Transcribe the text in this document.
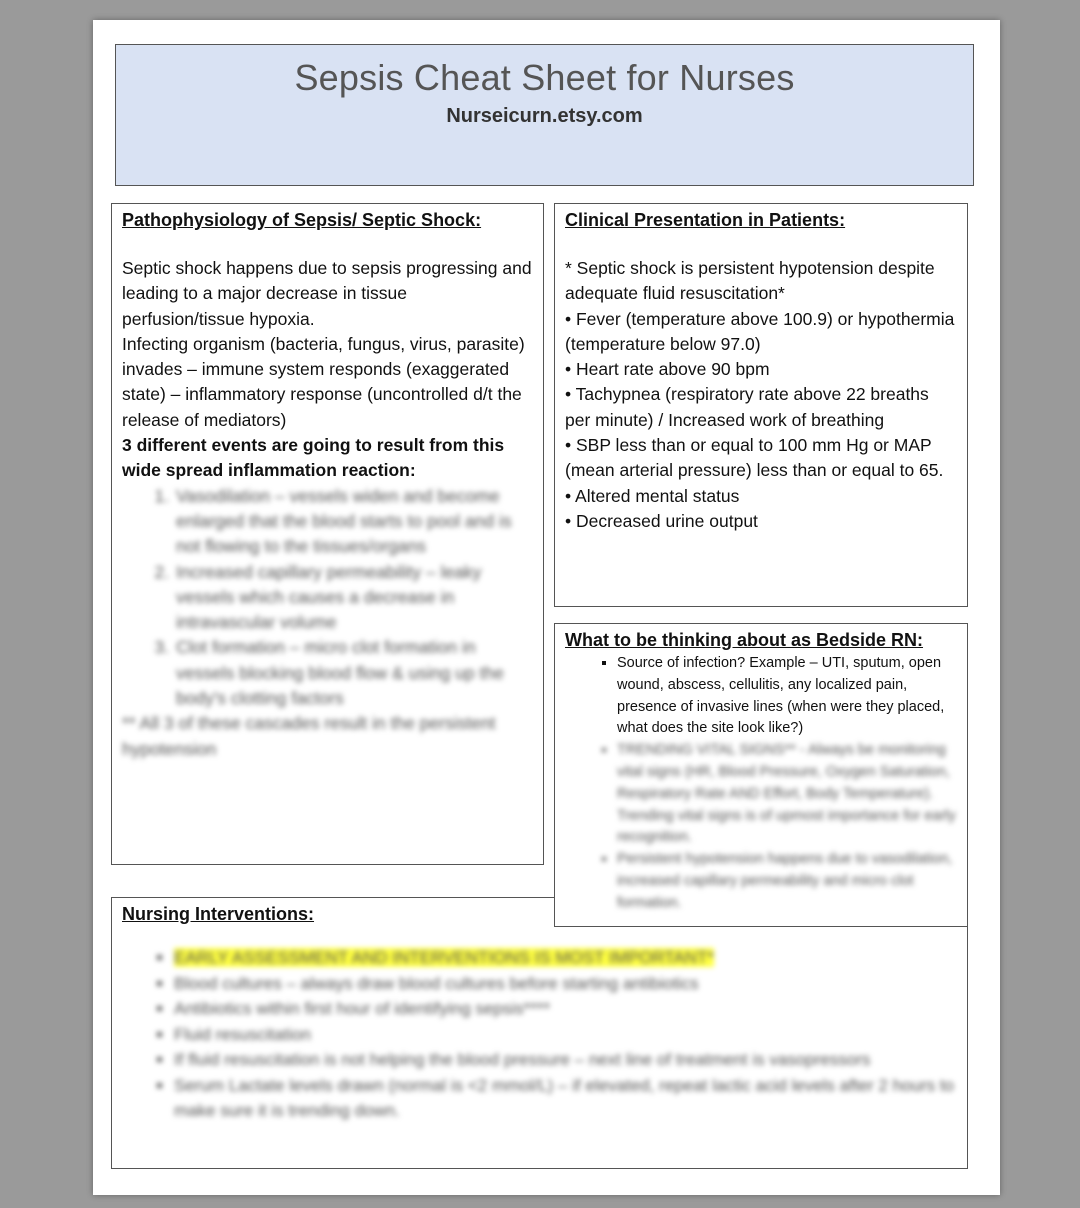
Sepsis Cheat Sheet for Nurses
Nurseicurn.etsy.com
Pathophysiology of Sepsis/ Septic Shock:
Septic shock happens due to sepsis progressing and leading to a major decrease in tissue perfusion/tissue hypoxia.
Infecting organism (bacteria, fungus, virus, parasite) invades – immune system responds (exaggerated state) – inflammatory response (uncontrolled d/t the release of mediators)
3 different events are going to result from this wide spread inflammation reaction:
1. Vasodilation – vessels widen and become enlarged that the blood starts to pool and is not flowing to the tissues/organs
2. Increased capillary permeability – leaky vessels which causes a decrease in intravascular volume
3. Clot formation – micro clot formation in vessels blocking blood flow & using up the body's clotting factors
** All 3 of these cascades result in the persistent hypotension
Clinical Presentation in Patients:
* Septic shock is persistent hypotension despite adequate fluid resuscitation*
• Fever (temperature above 100.9) or hypothermia (temperature below 97.0)
• Heart rate above 90 bpm
• Tachypnea (respiratory rate above 22 breaths per minute) / Increased work of breathing
• SBP less than or equal to 100 mm Hg or MAP (mean arterial pressure) less than or equal to 65.
• Altered mental status
• Decreased urine output
What to be thinking about as Bedside RN:
▪ Source of infection? Example – UTI, sputum, open wound, abscess, cellulitis, any localized pain, presence of invasive lines (when were they placed, what does the site look like?)
▪ TRENDING VITAL SIGNS** - Always be monitoring vital signs (HR, Blood Pressure, Oxygen Saturation, Respiratory Rate AND Effort, Body Temperature). Trending vital signs is of upmost importance for early recognition.
▪ Persistent hypotension happens due to vasodilation, increased capillary permeability and micro clot formation.
Nursing Interventions:
▪ EARLY ASSESSMENT AND INTERVENTIONS IS MOST IMPORTANT*
▪ Blood cultures – always draw blood cultures before starting antibiotics
▪ Antibiotics within first hour of identifying sepsis****
▪ Fluid resuscitation
▪ If fluid resuscitation is not helping the blood pressure – next line of treatment is vasopressors
▪ Serum Lactate levels drawn (normal is <2 mmol/L) – if elevated, repeat lactic acid levels after 2 hours to make sure it is trending down.
